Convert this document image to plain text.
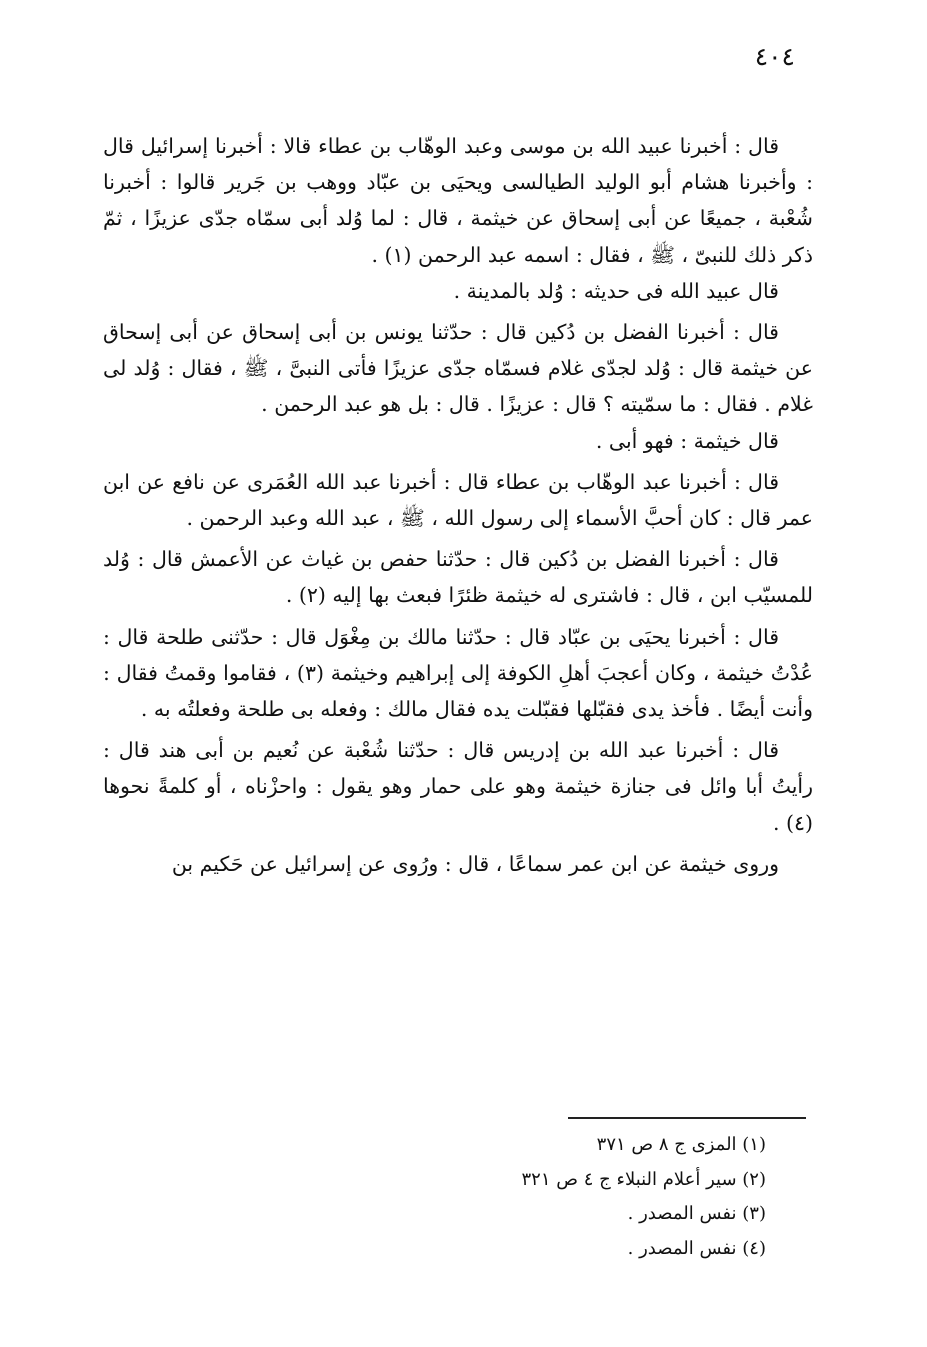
٤٠٤

قال : أخبرنا عبيد الله بن موسى وعبد الوهّاب بن عطاء قالا : أخبرنا إسرائيل قال : وأخبرنا هشام أبو الوليد الطيالسى ويحيَى بن عبّاد ووهب بن جَرير قالوا : أخبرنا شُعْبة ، جميعًا عن أبى إسحاق عن خيثمة ، قال : لما وُلد أبى سمّاه جدّى عزيزًا ، ثمّ ذكر ذلك للنبىّ ، ﷺ ، فقال : اسمه عبد الرحمن (١) .

قال عبيد الله فى حديثه : وُلد بالمدينة .

قال : أخبرنا الفضل بن دُكين قال : حدّثنا يونس بن أبى إسحاق عن أبى إسحاق عن خيثمة قال : وُلد لجدّى غلام فسمّاه جدّى عزيزًا فأتى النبىَّ ، ﷺ ، فقال : وُلد لى غلام . فقال : ما سمّيته ؟ قال : عزيزًا . قال : بل هو عبد الرحمن .

قال خيثمة : فهو أبى .

قال : أخبرنا عبد الوهّاب بن عطاء قال : أخبرنا عبد الله العُمَرى عن نافع عن ابن عمر قال : كان أحبَّ الأسماء إلى رسول الله ، ﷺ ، عبد الله وعبد الرحمن .

قال : أخبرنا الفضل بن دُكين قال : حدّثنا حفص بن غياث عن الأعمش قال : وُلد للمسيّب ابن ، قال : فاشترى له خيثمة ظئرًا فبعث بها إليه (٢) .

قال : أخبرنا يحيَى بن عبّاد قال : حدّثنا مالك بن مِغْوَل قال : حدّثنى طلحة قال : عُدْتُ خيثمة ، وكان أعجبَ أهلِ الكوفة إلى إبراهيم وخيثمة (٣) ، فقاموا وقمتُ فقال : وأنت أيضًا . فأخذ يدى فقبّلها فقبّلت يده فقال مالك : وفعله بى طلحة وفعلتُه به .

قال : أخبرنا عبد الله بن إدريس قال : حدّثنا شُعْبة عن نُعيم بن أبى هند قال : رأيتُ أبا وائل فى جنازة خيثمة وهو على حمار وهو يقول : واحزْناه ، أو كلمةً نحوها (٤) .

وروى خيثمة عن ابن عمر سماعًا ، قال : ورُوى عن إسرائيل عن حَكيم بن

(١) المزى ج ٨ ص ٣٧١

(٢) سير أعلام النبلاء ج ٤ ص ٣٢١

(٣) نفس المصدر .

(٤) نفس المصدر .
